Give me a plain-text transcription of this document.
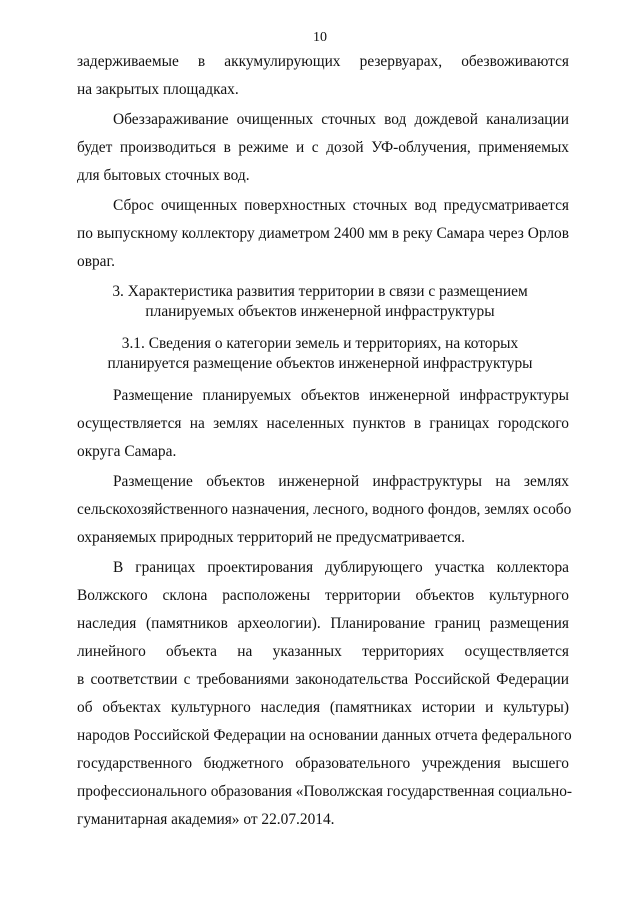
10
задерживаемые в аккумулирующих резервуарах, обезвоживаются
на закрытых площадках.
Обеззараживание очищенных сточных вод дождевой канализации
будет производиться в режиме и с дозой УФ-облучения, применяемых
для бытовых сточных вод.
Сброс очищенных поверхностных сточных вод предусматривается
по выпускному коллектору диаметром 2400 мм в реку Самара через Орлов
овраг.
3. Характеристика развития территории в связи с размещением
планируемых объектов инженерной инфраструктуры
3.1. Сведения о категории земель и территориях, на которых
планируется размещение объектов инженерной инфраструктуры
Размещение планируемых объектов инженерной инфраструктуры
осуществляется на землях населенных пунктов в границах городского
округа Самара.
Размещение объектов инженерной инфраструктуры на землях
сельскохозяйственного назначения, лесного, водного фондов, землях особо
охраняемых природных территорий не предусматривается.
В границах проектирования дублирующего участка коллектора
Волжского склона расположены территории объектов культурного
наследия (памятников археологии). Планирование границ размещения
линейного объекта на указанных территориях осуществляется
в соответствии с требованиями законодательства Российской Федерации
об объектах культурного наследия (памятниках истории и культуры)
народов Российской Федерации на основании данных отчета федерального
государственного бюджетного образовательного учреждения высшего
профессионального образования «Поволжская государственная социально-
гуманитарная академия» от 22.07.2014.
